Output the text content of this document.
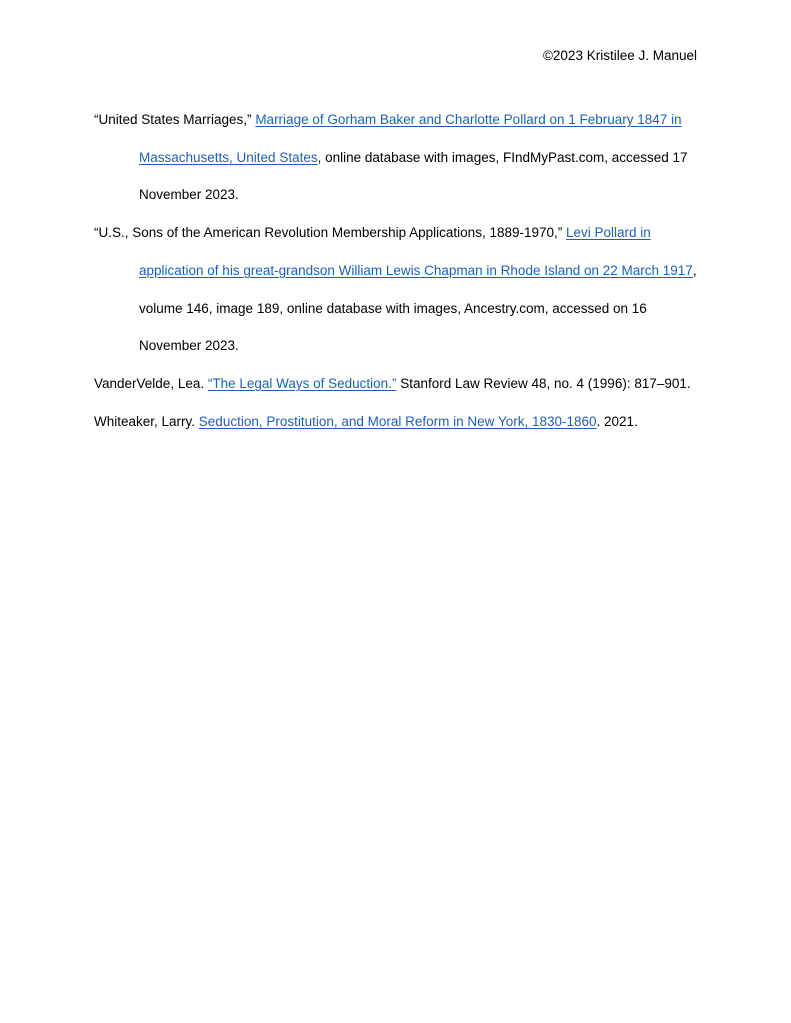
©2023 Kristilee J. Manuel

“United States Marriages,” Marriage of Gorham Baker and Charlotte Pollard on 1 February 1847 in Massachusetts, United States, online database with images, FIndMyPast.com, accessed 17 November 2023.

“U.S., Sons of the American Revolution Membership Applications, 1889-1970,” Levi Pollard in application of his great-grandson William Lewis Chapman in Rhode Island on 22 March 1917, volume 146, image 189, online database with images, Ancestry.com, accessed on 16 November 2023.

VanderVelde, Lea. “The Legal Ways of Seduction.” Stanford Law Review 48, no. 4 (1996): 817–901.

Whiteaker, Larry. Seduction, Prostitution, and Moral Reform in New York, 1830-1860. 2021.
